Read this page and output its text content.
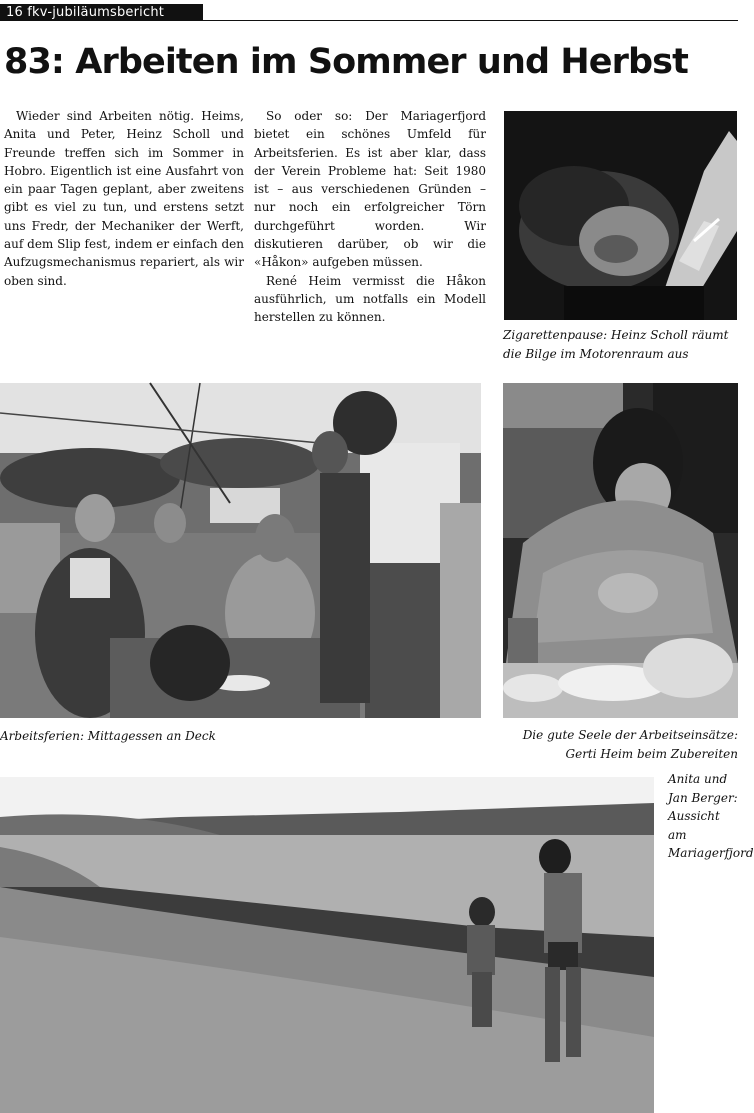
16 fkv-jubiläumsbericht
83: Arbeiten im Sommer und Herbst

Wieder sind Arbeiten nötig. Heims, Anita und Peter, Heinz Scholl und Freunde treffen sich im Sommer in Hobro. Eigentlich ist eine Ausfahrt von ein paar Tagen geplant, aber zweitens gibt es viel zu tun, und erstens setzt uns Fredr, der Mechaniker der Werft, auf dem Slip fest, indem er einfach den Aufzugsmechanismus repariert, als wir oben sind.

So oder so: Der Mariagerfjord bietet ein schönes Umfeld für Arbeitsferien. Es ist aber klar, dass der Verein Probleme hat: Seit 1980 ist – aus verschiedenen Gründen – nur noch ein erfolgreicher Törn durchgeführt worden. Wir diskutieren darüber, ob wir die «Håkon» aufgeben müssen.

René Heim vermisst die Håkon ausführlich, um notfalls ein Modell herstellen zu können.

Zigarettenpause: Heinz Scholl räumt die Bilge im Motorenraum aus

Arbeitsferien: Mittagessen an Deck	Die gute Seele der Arbeitseinsätze: Gerti Heim beim Zubereiten

Anita und Jan Berger: Aussicht am Mariagerfjord
